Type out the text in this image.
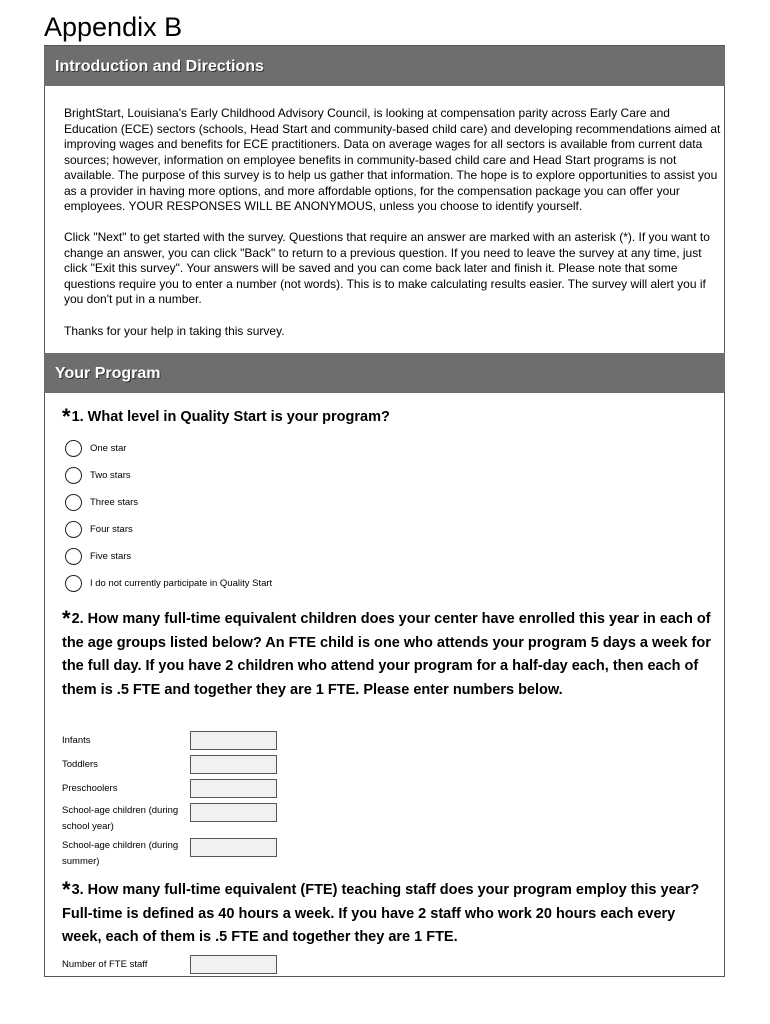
Appendix B
Introduction and Directions
BrightStart, Louisiana's Early Childhood Advisory Council, is looking at compensation parity across Early Care and Education (ECE) sectors (schools, Head Start and community-based child care) and developing recommendations aimed at improving wages and benefits for ECE practitioners. Data on average wages for all sectors is available from current data sources; however, information on employee benefits in community-based child care and Head Start programs is not available. The purpose of this survey is to help us gather that information. The hope is to explore opportunities to assist you as a provider in having more options, and more affordable options, for the compensation package you can offer your employees. YOUR RESPONSES WILL BE ANONYMOUS, unless you choose to identify yourself.
Click "Next" to get started with the survey. Questions that require an answer are marked with an asterisk (*). If you want to change an answer, you can click "Back" to return to a previous question. If you need to leave the survey at any time, just click "Exit this survey". Your answers will be saved and you can come back later and finish it. Please note that some questions require you to enter a number (not words). This is to make calculating results easier. The survey will alert you if you don't put in a number.
Thanks for your help in taking this survey.
Your Program
*1. What level in Quality Start is your program?
One star
Two stars
Three stars
Four stars
Five stars
I do not currently participate in Quality Start
*2. How many full-time equivalent children does your center have enrolled this year in each of the age groups listed below? An FTE child is one who attends your program 5 days a week for the full day. If you have 2 children who attend your program for a half-day each, then each of them is .5 FTE and together they are 1 FTE. Please enter numbers below.
Infants
Toddlers
Preschoolers
School-age children (during school year)
School-age children (during summer)
*3. How many full-time equivalent (FTE) teaching staff does your program employ this year? Full-time is defined as 40 hours a week. If you have 2 staff who work 20 hours each every week, each of them is .5 FTE and together they are 1 FTE.
Number of FTE staff
